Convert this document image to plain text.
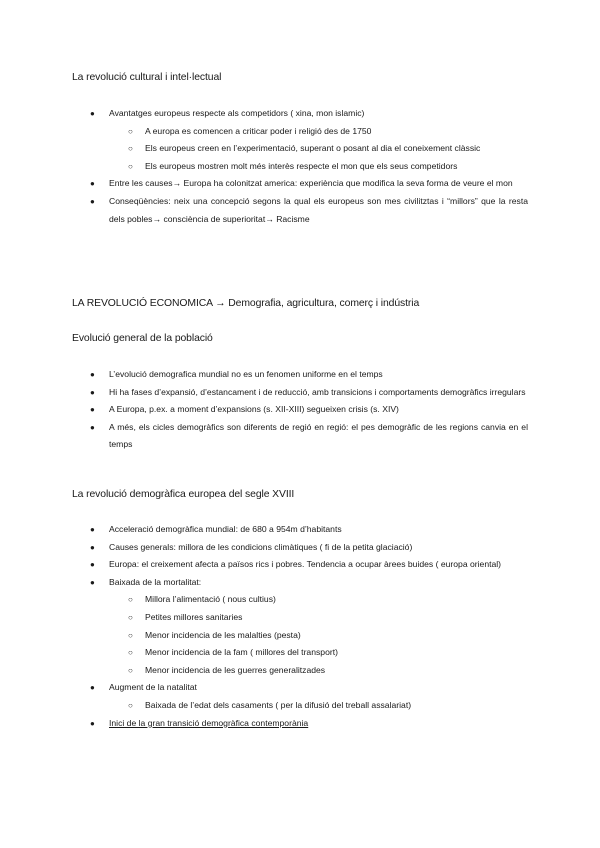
La revolució cultural i intel·lectual
● Avantatges europeus respecte als competidors ( xina, mon islamic)
○ A europa es comencen a criticar poder i religió des de 1750
○ Els europeus creen en l’experimentació, superant o posant al dia el coneixement clàssic
○ Els europeus mostren molt més interès respecte el mon que els seus competidors
● Entre les causes→ Europa ha colonitzat america: experiència que modifica la seva forma de veure el mon
● Conseqüències: neix una concepció segons la qual els europeus son mes civilitztas i “millors” que la resta dels pobles→ consciència de superioritat→ Racisme
LA REVOLUCIÓ ECONOMICA → Demografia, agricultura, comerç i indústria
Evolució general de la població
● L’evolució demografica mundial no es un fenomen uniforme en el temps
● Hi ha fases d’expansió, d’estancament i de reducció, amb transicions i comportaments demogràfics irregulars
● A Europa, p.ex. a moment d’expansions (s. XII-XIII) segueixen crisis (s. XIV)
● A més, els cicles demogràfics son diferents de regió en regió: el pes demogràfic de les regions canvia en el temps
La revolució demogràfica europea del segle XVIII
● Acceleració demogràfica mundial: de 680 a 954m d’habitants
● Causes generals: millora de les condicions climàtiques ( fi de la petita glaciació)
● Europa: el creixement afecta a països rics i pobres. Tendencia a ocupar àrees buides ( europa oriental)
● Baixada de la mortalitat:
○ Millora l’alimentació ( nous cultius)
○ Petites millores sanitaries
○ Menor incidencia de les malalties (pesta)
○ Menor incidencia de la fam ( millores del transport)
○ Menor incidencia de les guerres generalitzades
● Augment de la natalitat
○ Baixada de l’edat dels casaments ( per la difusió del treball assalariat)
● Inici de la gran transició demogràfica contemporània
